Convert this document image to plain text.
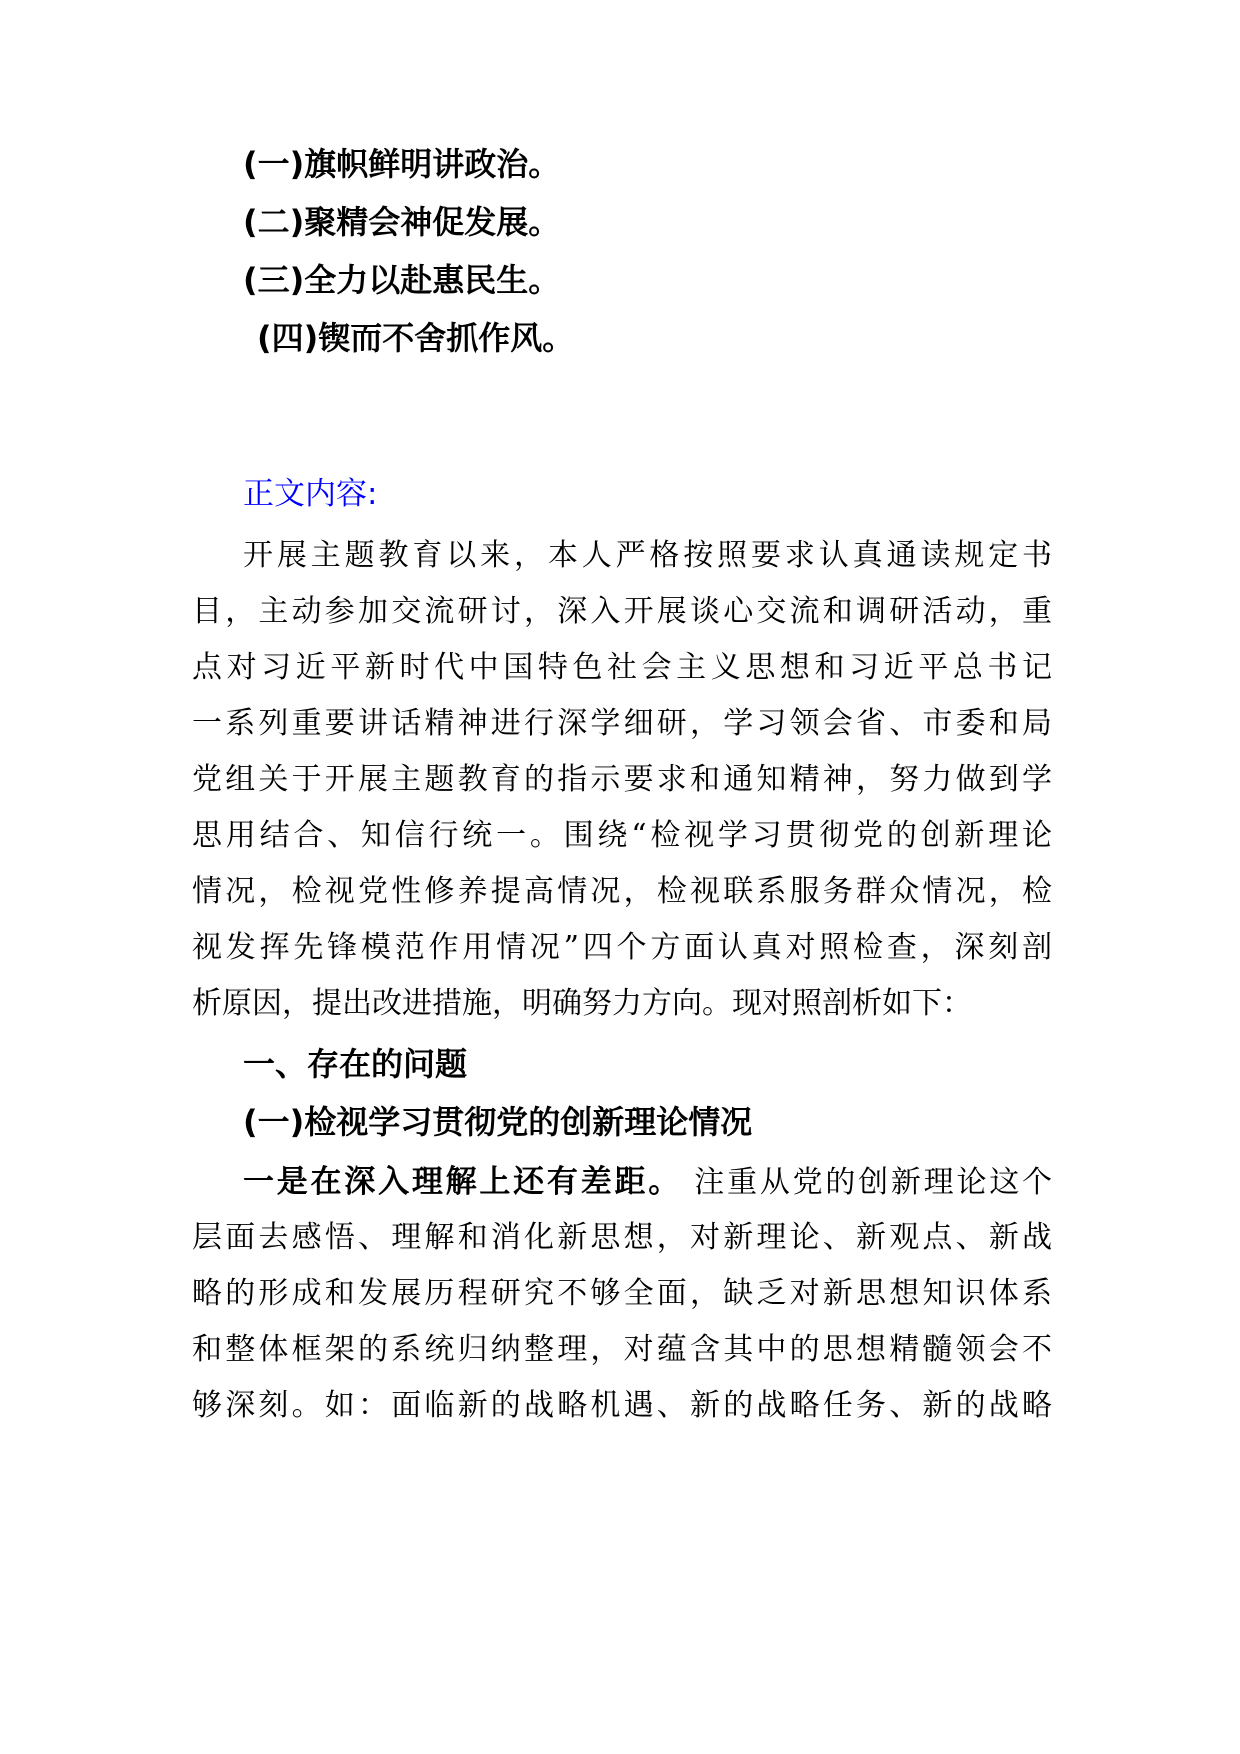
(一)旗帜鲜明讲政治。
(二)聚精会神促发展。
(三)全力以赴惠民生。
(四)锲而不舍抓作风。
正文内容:
开展主题教育以来，本人严格按照要求认真通读规定书
目，主动参加交流研讨，深入开展谈心交流和调研活动，重
点对习近平新时代中国特色社会主义思想和习近平总书记
一系列重要讲话精神进行深学细研，学习领会省、市委和局
党组关于开展主题教育的指示要求和通知精神，努力做到学
思用结合、知信行统一。围绕“检视学习贯彻党的创新理论
情况，检视党性修养提高情况，检视联系服务群众情况，检
视发挥先锋模范作用情况”四个方面认真对照检查，深刻剖
析原因，提出改进措施，明确努力方向。现对照剖析如下：
一、存在的问题
(一)检视学习贯彻党的创新理论情况
一是在深入理解上还有差距。 注重从党的创新理论这个
层面去感悟、理解和消化新思想，对新理论、新观点、新战
略的形成和发展历程研究不够全面，缺乏对新思想知识体系
和整体框架的系统归纳整理，对蕴含其中的思想精髓领会不
够深刻。如：面临新的战略机遇、新的战略任务、新的战略
